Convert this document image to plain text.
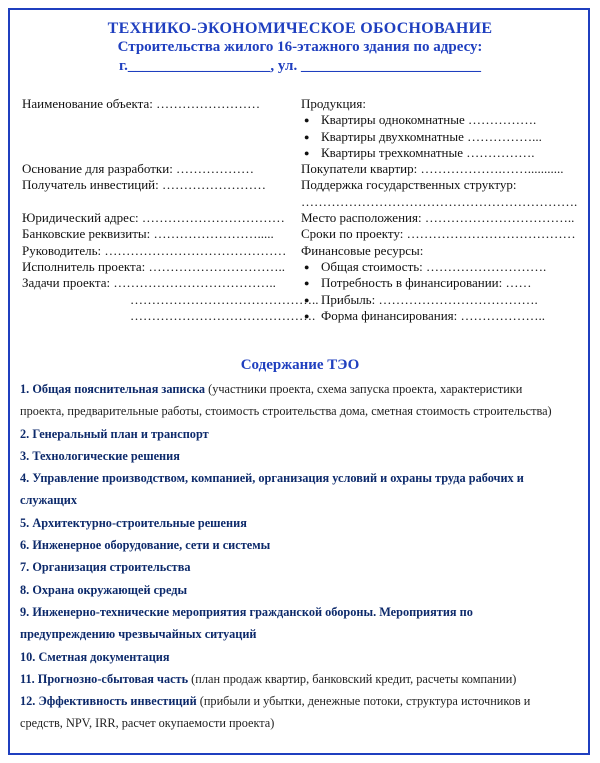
ТЕХНИКО-ЭКОНОМИЧЕСКОЕ ОБОСНОВАНИЕ
Строительства жилого 16-этажного здания по адресу:
г.___________________, ул. ________________________
Наименование объекта: ……………………
Основание для разработки: ………………
Получатель инвестиций: ……………………
Юридический адрес: ……………………………
Банковские реквизиты: …………………….....
Руководитель: ……………………………………
Исполнитель проекта: …………………………..
Задачи проекта: ………………………………..
……………………………………..
…………………………………….
Продукция:
● Квартиры однокомнатные …………….
● Квартиры двухкомнатные ……………...
● Квартиры трехкомнатные …………….
Покупатели квартир: ……………….……...........
Поддержка государственных структур:
……………………………………………………….
Место расположения: ……………………………..
Сроки по проекту: …………………………………
Финансовые ресурсы:
● Общая стоимость: ……………………….
● Потребность в финансировании: ……
● Прибыль: ……………………………….
● Форма финансирования: ………………..
Содержание ТЭО
1. Общая пояснительная записка (участники проекта, схема запуска проекта, характеристики проекта, предварительные работы, стоимость строительства дома, сметная стоимость строительства)
2. Генеральный план и транспорт
3. Технологические решения
4. Управление производством, компанией, организация условий и охраны труда рабочих и служащих
5. Архитектурно-строительные решения
6. Инженерное оборудование, сети и системы
7. Организация строительства
8. Охрана окружающей среды
9. Инженерно-технические мероприятия гражданской обороны. Мероприятия по предупреждению чрезвычайных ситуаций
10. Сметная документация
11. Прогнозно-сбытовая часть (план продаж квартир, банковский кредит, расчеты компании)
12. Эффективность инвестиций (прибыли и убытки, денежные потоки, структура источников и средств, NPV, IRR, расчет окупаемости проекта)
